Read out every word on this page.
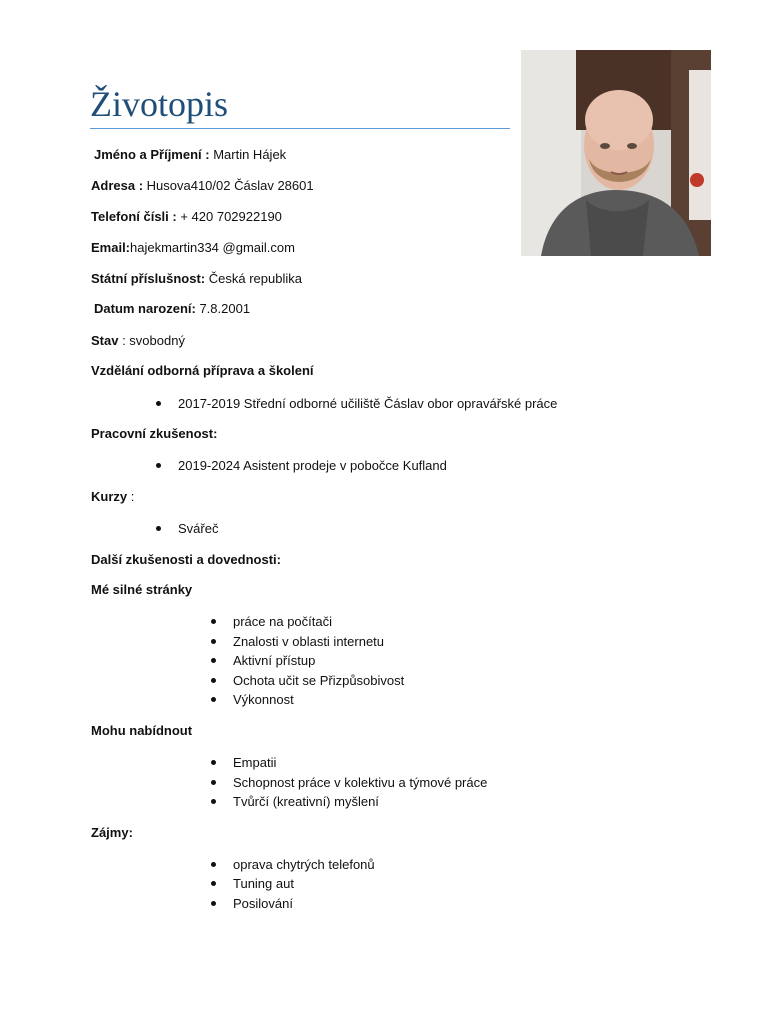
Životopis
Jméno a Příjmení : Martin Hájek
Adresa : Husova410/02 Čáslav 28601
Telefoní čísli : + 420 702922190
Email:hajekmartin334 @gmail.com
Státní příslušnost: Česká republika
Datum narození: 7.8.2001
Stav : svobodný
Vzdělání odborná příprava a školení
2017-2019 Střední odborné učiliště Čáslav obor opravářské práce
Pracovní zkušenost:
2019-2024 Asistent prodeje v pobočce Kufland
Kurzy :
Svářeč
Další zkušenosti a dovednosti:
Mé silné stránky
práce na počítači
Znalosti v oblasti internetu
Aktivní přístup
Ochota učit se Přizpůsobivost
Výkonnost
Mohu nabídnout
Empatii
Schopnost práce v kolektivu a týmové práce
Tvůrčí (kreativní) myšlení
Zájmy:
oprava chytrých telefonů
Tuning aut
Posilování
